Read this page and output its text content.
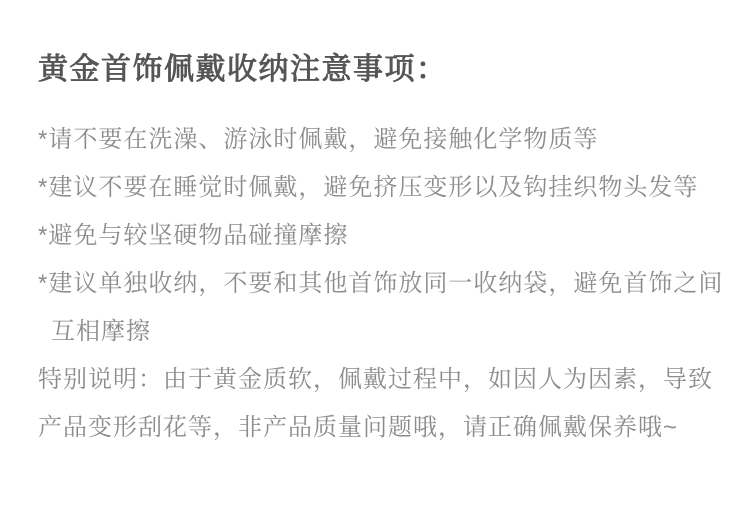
黄金首饰佩戴收纳注意事项：
*请不要在洗澡、游泳时佩戴，避免接触化学物质等
*建议不要在睡觉时佩戴，避免挤压变形以及钩挂织物头发等
*避免与较坚硬物品碰撞摩擦
*建议单独收纳，不要和其他首饰放同一收纳袋，避免首饰之间
互相摩擦
特别说明：由于黄金质软，佩戴过程中，如因人为因素，导致
产品变形刮花等，非产品质量问题哦，请正确佩戴保养哦~
